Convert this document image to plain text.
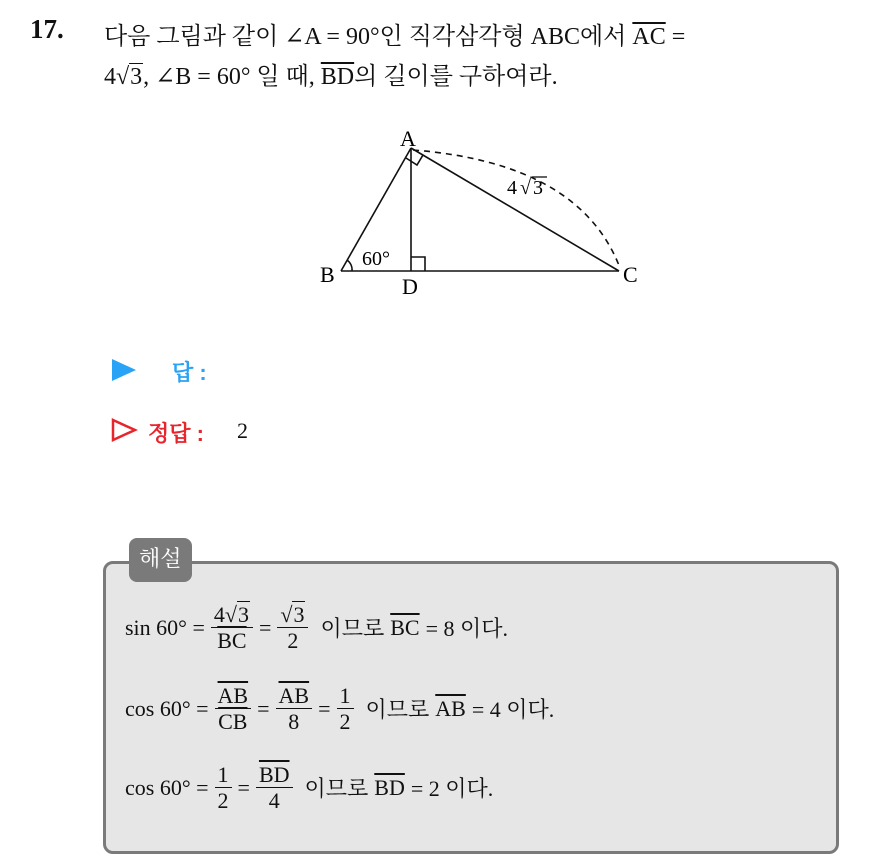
17. 다음 그림과 같이 ∠A = 90°인 직각삼각형 ABC에서 $\overline{AC}$ =
4√3, ∠B = 60° 일 때, $\overline{BD}$의 길이를 구하여라.
A
B	C
D
60°
4 √ 3
답 :
정답 : 2
해설
$\sin 60^\circ = \frac{4√3}{BC} = \frac{√3}{2}$ 이므로 $\overline{BC} = 8$ 이다.
$\cos 60^\circ = \frac{\overline{AB}}{CB} = \frac{\overline{AB}}{8} = \frac{1}{2}$ 이므로 $\overline{AB} = 4$ 이다.
$\cos 60^\circ = \frac{1}{2} = \frac{\overline{BD}}{4}$ 이므로 $\overline{BD} = 2$ 이다.
